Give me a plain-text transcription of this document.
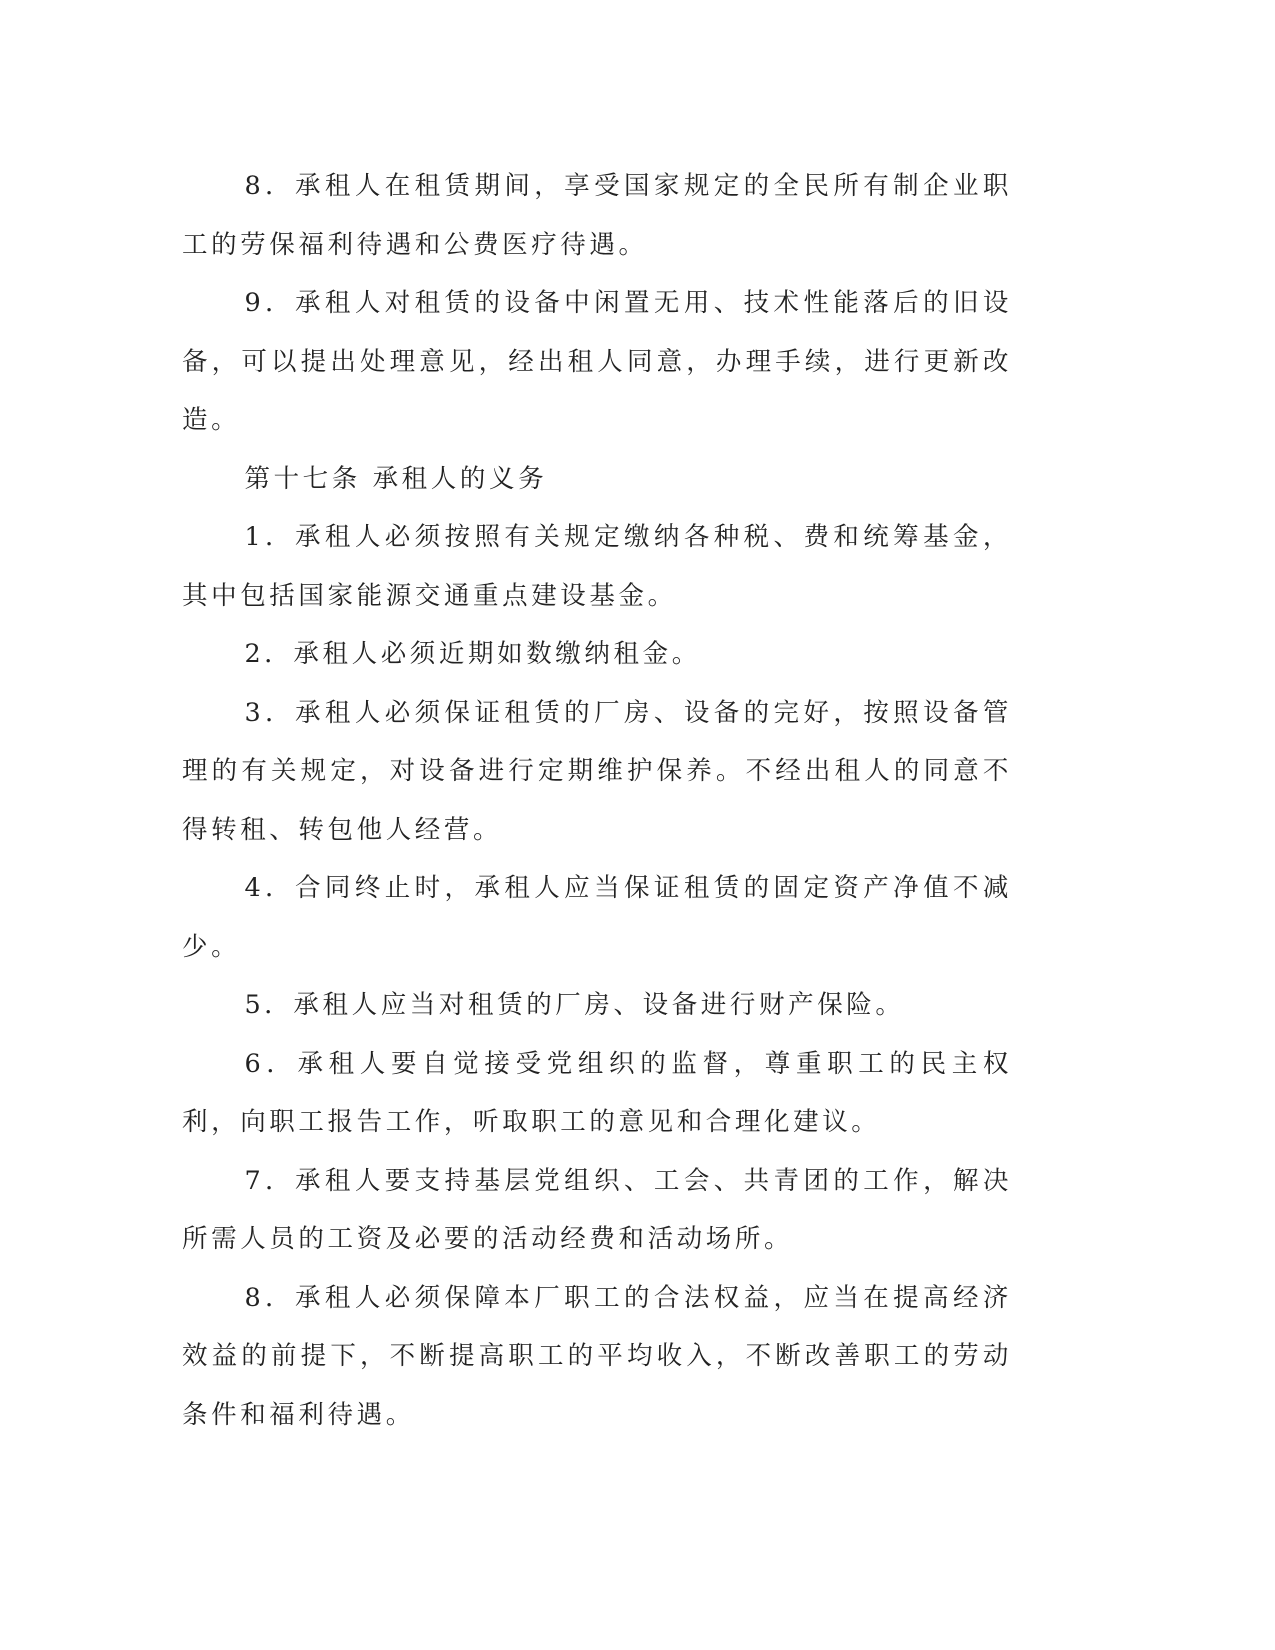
8．承租人在租赁期间，享受国家规定的全民所有制企业职工的劳保福利待遇和公费医疗待遇。

9．承租人对租赁的设备中闲置无用、技术性能落后的旧设备，可以提出处理意见，经出租人同意，办理手续，进行更新改造。

第十七条 承租人的义务

1．承租人必须按照有关规定缴纳各种税、费和统筹基金，其中包括国家能源交通重点建设基金。

2．承租人必须近期如数缴纳租金。

3．承租人必须保证租赁的厂房、设备的完好，按照设备管理的有关规定，对设备进行定期维护保养。不经出租人的同意不得转租、转包他人经营。

4．合同终止时，承租人应当保证租赁的固定资产净值不减少。

5．承租人应当对租赁的厂房、设备进行财产保险。

6．承租人要自觉接受党组织的监督，尊重职工的民主权利，向职工报告工作，听取职工的意见和合理化建议。

7．承租人要支持基层党组织、工会、共青团的工作，解决所需人员的工资及必要的活动经费和活动场所。

8．承租人必须保障本厂职工的合法权益，应当在提高经济效益的前提下，不断提高职工的平均收入，不断改善职工的劳动条件和福利待遇。
